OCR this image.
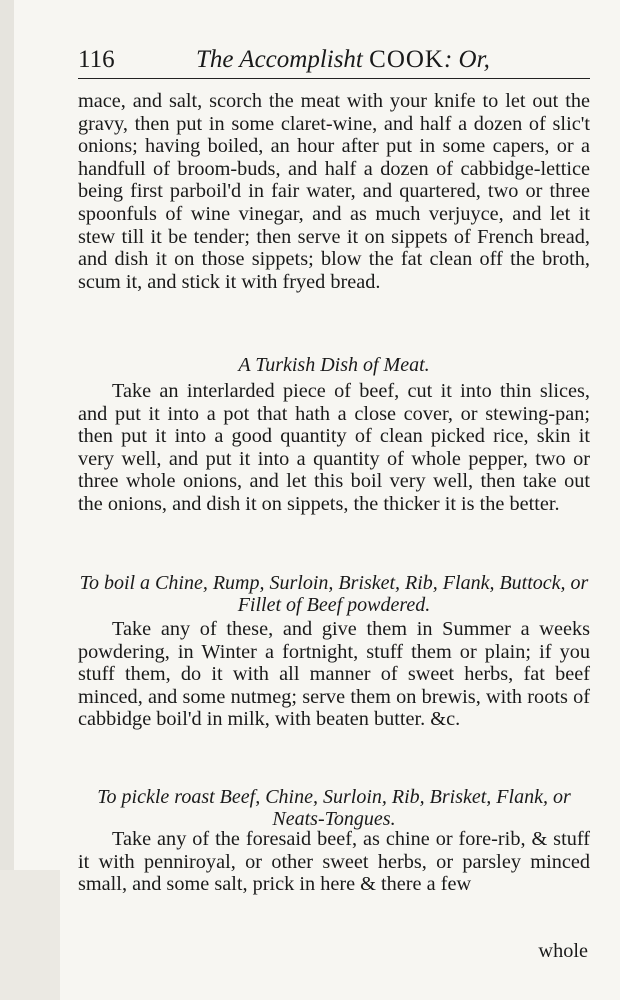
116	The Accomplisht COOK: Or,
mace, and salt, scorch the meat with your knife to let out the gravy, then put in some claret-wine, and half a dozen of slic't onions; having boiled, an hour after put in some capers, or a handfull of broom-buds, and half a dozen of cabbidge-lettice being first parboil'd in fair water, and quartered, two or three spoonfuls of wine vinegar, and as much verjuyce, and let it stew till it be tender; then serve it on sippets of French bread, and dish it on those sippets; blow the fat clean off the broth, scum it, and stick it with fryed bread.
A Turkish Dish of Meat.
Take an interlarded piece of beef, cut it into thin slices, and put it into a pot that hath a close cover, or stewing-pan; then put it into a good quantity of clean picked rice, skin it very well, and put it into a quantity of whole pepper, two or three whole onions, and let this boil very well, then take out the onions, and dish it on sippets, the thicker it is the better.
To boil a Chine, Rump, Surloin, Brisket, Rib, Flank, Buttock, or Fillet of Beef powdered.
Take any of these, and give them in Summer a weeks powdering, in Winter a fortnight, stuff them or plain; if you stuff them, do it with all manner of sweet herbs, fat beef minced, and some nutmeg; serve them on brewis, with roots of cabbidge boil'd in milk, with beaten butter. &c.
To pickle roast Beef, Chine, Surloin, Rib, Brisket, Flank, or Neats-Tongues.
Take any of the foresaid beef, as chine or fore-rib, & stuff it with penniroyal, or other sweet herbs, or parsley minced small, and some salt, prick in here & there a few
whole
